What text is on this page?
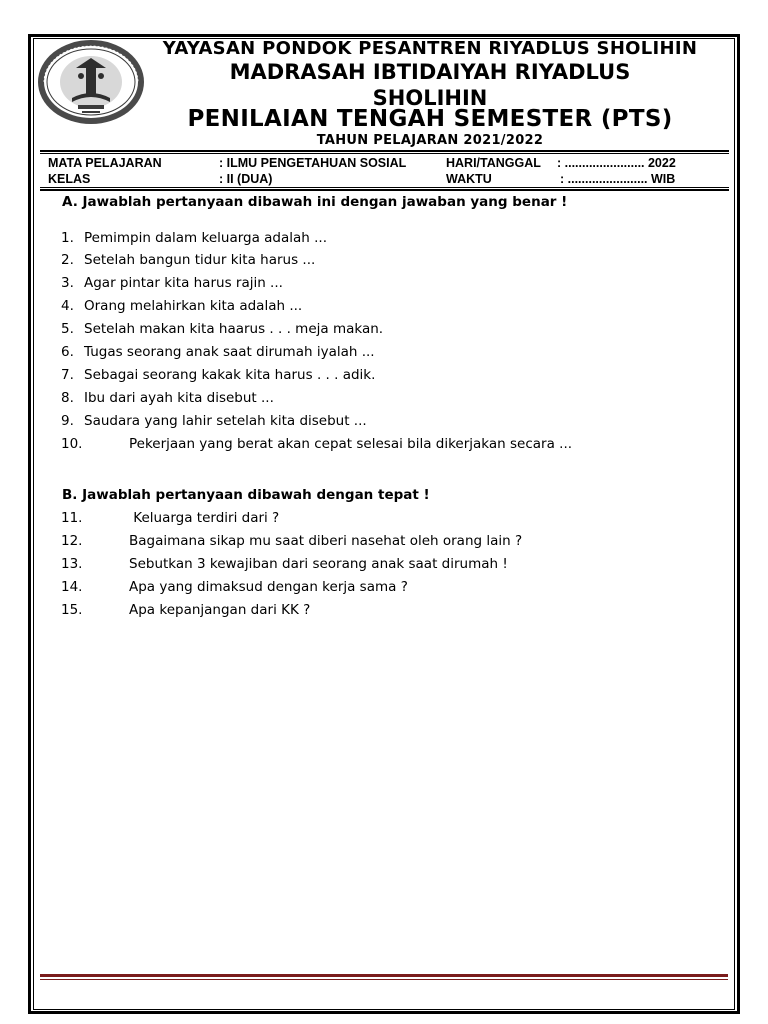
YAYASAN PONDOK PESANTREN RIYADLUS SHOLIHIN

MADRASAH IBTIDAIYAH RIYADLUS
SHOLIHIN

PENILAIAN TENGAH SEMESTER (PTS)

TAHUN PELAJARAN 2021/2022

MATA PELAJARAN	: ILMU PENGETAHUAN SOSIAL	HARI/TANGGAL : ....................... 2022
KELAS	: II (DUA)	WAKTU	: ....................... WIB

A. Jawablah pertanyaan dibawah ini dengan jawaban yang benar !

1. Pemimpin dalam keluarga adalah ...
2. Setelah bangun tidur kita harus ...
3. Agar pintar kita harus rajin ...
4. Orang melahirkan kita adalah ...
5. Setelah makan kita haarus . . . meja makan.
6. Tugas seorang anak saat dirumah iyalah ...
7. Sebagai seorang kakak kita harus . . . adik.
8. Ibu dari ayah kita disebut ...
9. Saudara yang lahir setelah kita disebut ...
10.	Pekerjaan yang berat akan cepat selesai bila dikerjakan secara ...

B. Jawablah pertanyaan dibawah dengan tepat !

11.	Keluarga terdiri dari ?
12.	Bagaimana sikap mu saat diberi nasehat oleh orang lain ?
13.	Sebutkan 3 kewajiban dari seorang anak saat dirumah !
14.	Apa yang dimaksud dengan kerja sama ?
15.	Apa kepanjangan dari KK ?
